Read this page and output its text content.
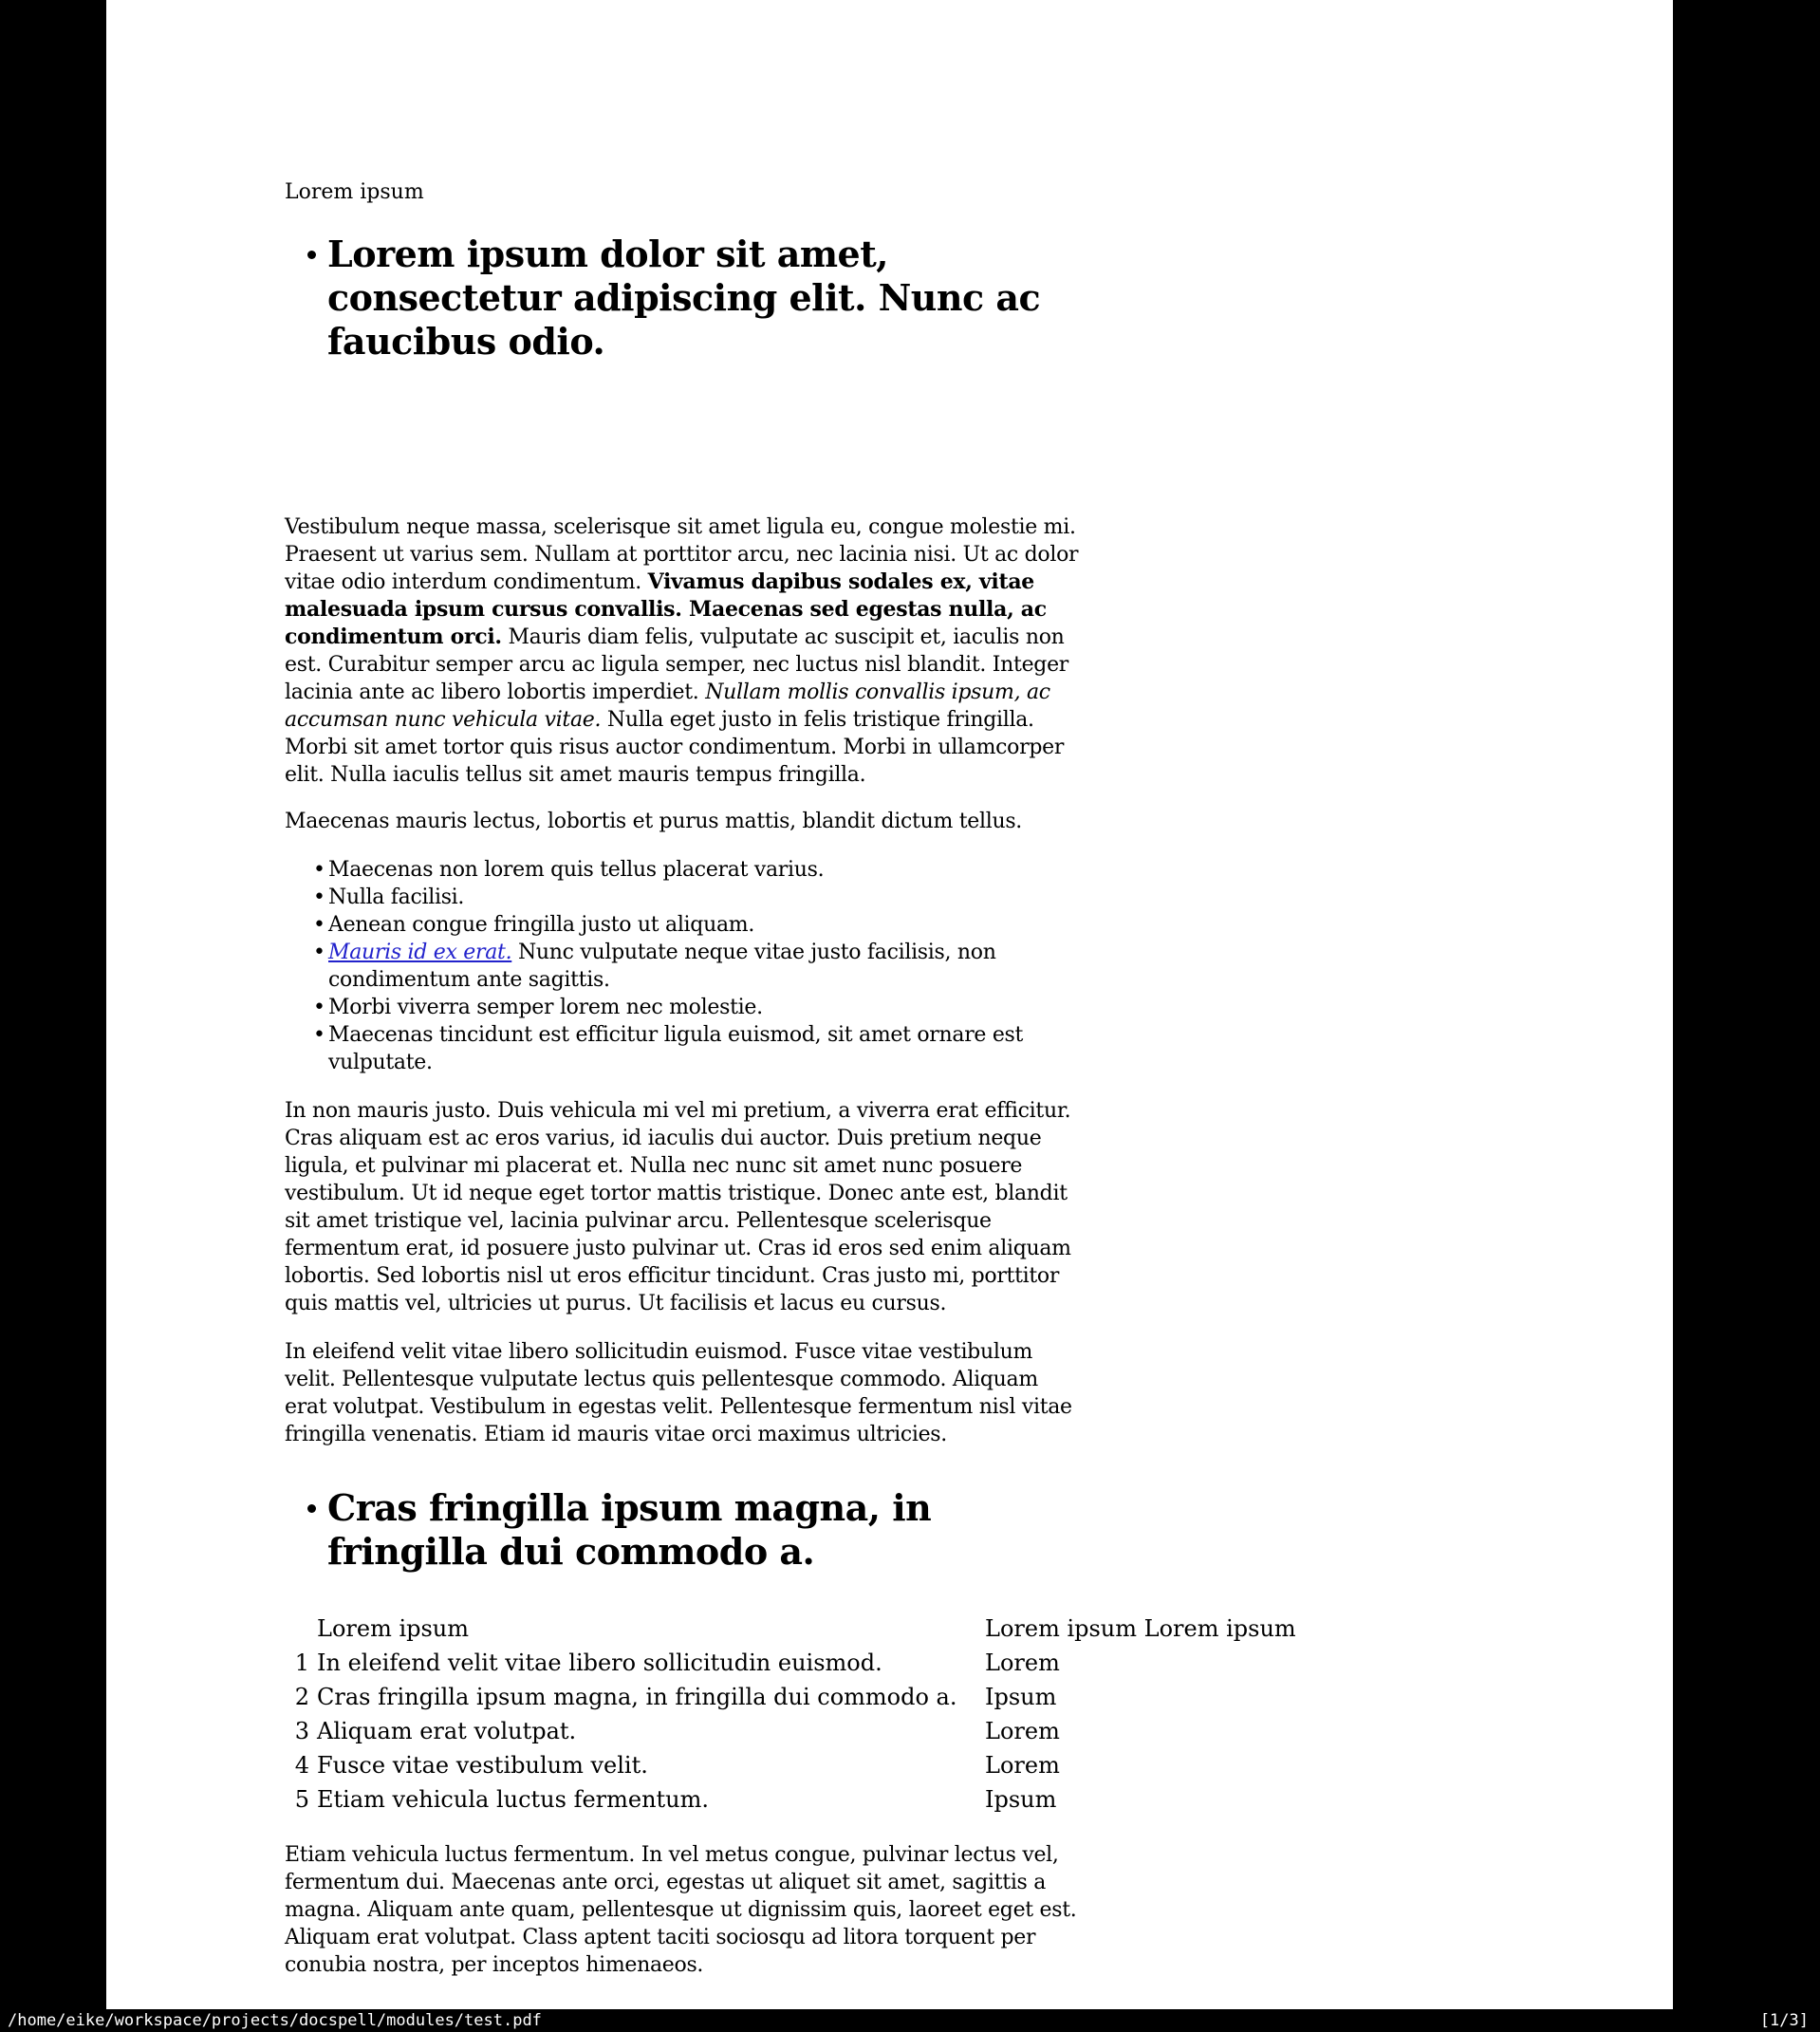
Lorem ipsum
Lorem ipsum dolor sit amet, consectetur adipiscing elit. Nunc ac faucibus odio.

Vestibulum neque massa, scelerisque sit amet ligula eu, congue molestie mi. Praesent ut varius sem. Nullam at porttitor arcu, nec lacinia nisi. Ut ac dolor vitae odio interdum condimentum. Vivamus dapibus sodales ex, vitae malesuada ipsum cursus convallis. Maecenas sed egestas nulla, ac condimentum orci. Mauris diam felis, vulputate ac suscipit et, iaculis non est. Curabitur semper arcu ac ligula semper, nec luctus nisl blandit. Integer lacinia ante ac libero lobortis imperdiet. Nullam mollis convallis ipsum, ac accumsan nunc vehicula vitae. Nulla eget justo in felis tristique fringilla. Morbi sit amet tortor quis risus auctor condimentum. Morbi in ullamcorper elit. Nulla iaculis tellus sit amet mauris tempus fringilla.

Maecenas mauris lectus, lobortis et purus mattis, blandit dictum tellus.

• Maecenas non lorem quis tellus placerat varius.
• Nulla facilisi.
• Aenean congue fringilla justo ut aliquam.
• Mauris id ex erat. Nunc vulputate neque vitae justo facilisis, non condimentum ante sagittis.
• Morbi viverra semper lorem nec molestie.
• Maecenas tincidunt est efficitur ligula euismod, sit amet ornare est vulputate.

In non mauris justo. Duis vehicula mi vel mi pretium, a viverra erat efficitur. Cras aliquam est ac eros varius, id iaculis dui auctor. Duis pretium neque ligula, et pulvinar mi placerat et. Nulla nec nunc sit amet nunc posuere vestibulum. Ut id neque eget tortor mattis tristique. Donec ante est, blandit sit amet tristique vel, lacinia pulvinar arcu. Pellentesque scelerisque fermentum erat, id posuere justo pulvinar ut. Cras id eros sed enim aliquam lobortis. Sed lobortis nisl ut eros efficitur tincidunt. Cras justo mi, porttitor quis mattis vel, ultricies ut purus. Ut facilisis et lacus eu cursus.

In eleifend velit vitae libero sollicitudin euismod. Fusce vitae vestibulum velit. Pellentesque vulputate lectus quis pellentesque commodo. Aliquam erat volutpat. Vestibulum in egestas velit. Pellentesque fermentum nisl vitae fringilla venenatis. Etiam id mauris vitae orci maximus ultricies.

Cras fringilla ipsum magna, in fringilla dui commodo a.
Lorem ipsum	Lorem ipsum Lorem ipsum
1 In eleifend velit vitae libero sollicitudin euismod.	Lorem
2 Cras fringilla ipsum magna, in fringilla dui commodo a.	Ipsum
3 Aliquam erat volutpat.	Lorem
4 Fusce vitae vestibulum velit.	Lorem
5 Etiam vehicula luctus fermentum.	Ipsum

Etiam vehicula luctus fermentum. In vel metus congue, pulvinar lectus vel, fermentum dui. Maecenas ante orci, egestas ut aliquet sit amet, sagittis a magna. Aliquam ante quam, pellentesque ut dignissim quis, laoreet eget est. Aliquam erat volutpat. Class aptent taciti sociosqu ad litora torquent per conubia nostra, per inceptos himenaeos.

/home/eike/workspace/projects/docspell/modules/test.pdf	[1/3]
